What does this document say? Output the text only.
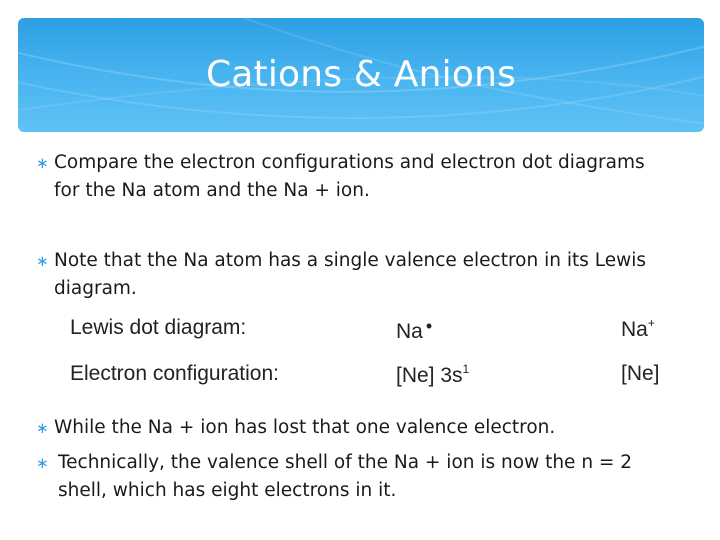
Cations & Anions
∗ Compare the electron configurations and electron dot diagrams
for the Na atom and the Na + ion.
∗ Note that the Na atom has a single valence electron in its Lewis
diagram.
Lewis dot diagram:	Na •	Na+
Electron configuration:	[Ne] $3s^1$	[Ne]
∗ While the Na + ion has lost that one valence electron.
∗ Technically, the valence shell of the Na + ion is now the n = 2
shell, which has eight electrons in it.
